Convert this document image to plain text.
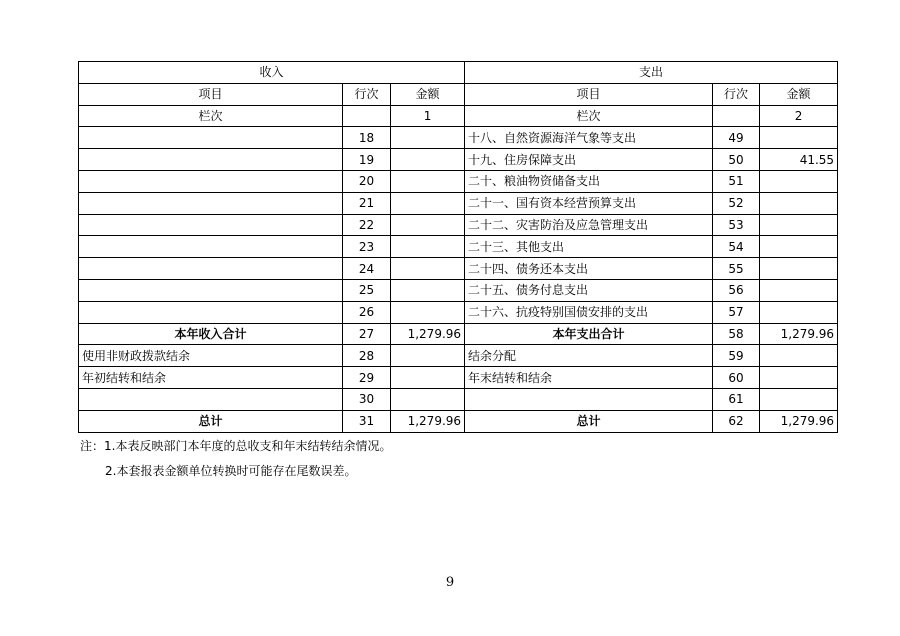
收入			支出		
项目	行次	金额	项目	行次	金额
栏次		1	栏次		2
	18		十八、自然资源海洋气象等支出	49	
	19		十九、住房保障支出	50	41.55
	20		二十、粮油物资储备支出	51	
	21		二十一、国有资本经营预算支出	52	
	22		二十二、灾害防治及应急管理支出	53	
	23		二十三、其他支出	54	
	24		二十四、债务还本支出	55	
	25		二十五、债务付息支出	56	
	26		二十六、抗疫特别国债安排的支出	57	
本年收入合计	27	1,279.96	本年支出合计	58	1,279.96
使用非财政拨款结余	28		结余分配	59	
年初结转和结余	29		年末结转和结余	60	
	30			61	
总计	31	1,279.96	总计	62	1,279.96
注：1.本表反映部门本年度的总收支和年末结转结余情况。
2.本套报表金额单位转换时可能存在尾数误差。
9
